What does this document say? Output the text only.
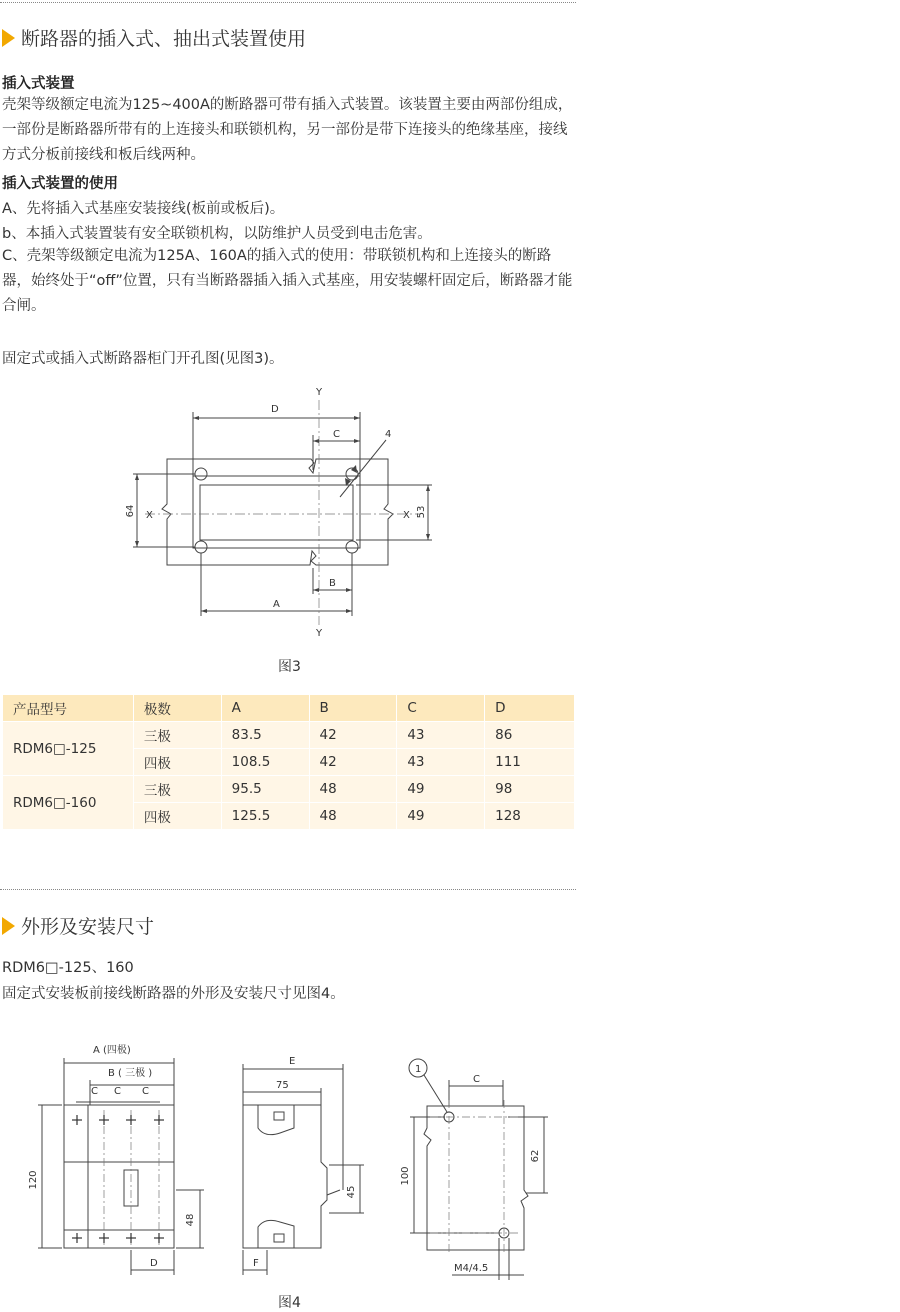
断路器的插入式、抽出式装置使用
插入式装置
壳架等级额定电流为125~400A的断路器可带有插入式装置。该装置主要由两部份组成，一部份是断路器所带有的上连接头和联锁机构，另一部份是带下连接头的绝缘基座，接线方式分板前接线和板后线两种。
插入式装置的使用
A、先将插入式基座安装接线(板前或板后)。
b、本插入式装置装有安全联锁机构，以防维护人员受到电击危害。
C、壳架等级额定电流为125A、160A的插入式的使用：带联锁机构和上连接头的断路器，始终处于“off”位置，只有当断路器插入插入式基座，用安装螺杆固定后，断路器才能合闸。
固定式或插入式断路器柜门开孔图(见图3)。
Y
D
C	4
X	X
64	53
B
A
Y
图3
产品型号	极数	A	B	C	D
RDM6□-125	三极	83.5	42	43	86
	四极	108.5	42	43	111
RDM6□-160	三极	95.5	48	49	98
	四极	125.5	48	49	128
外形及安装尺寸
RDM6□-125、160
固定式安装板前接线断路器的外形及安装尺寸见图4。
A (四极)
B ( 三极 )
C C C
120
48
D
E
75
45
F
1
C
100
62
M4/4.5
图4
